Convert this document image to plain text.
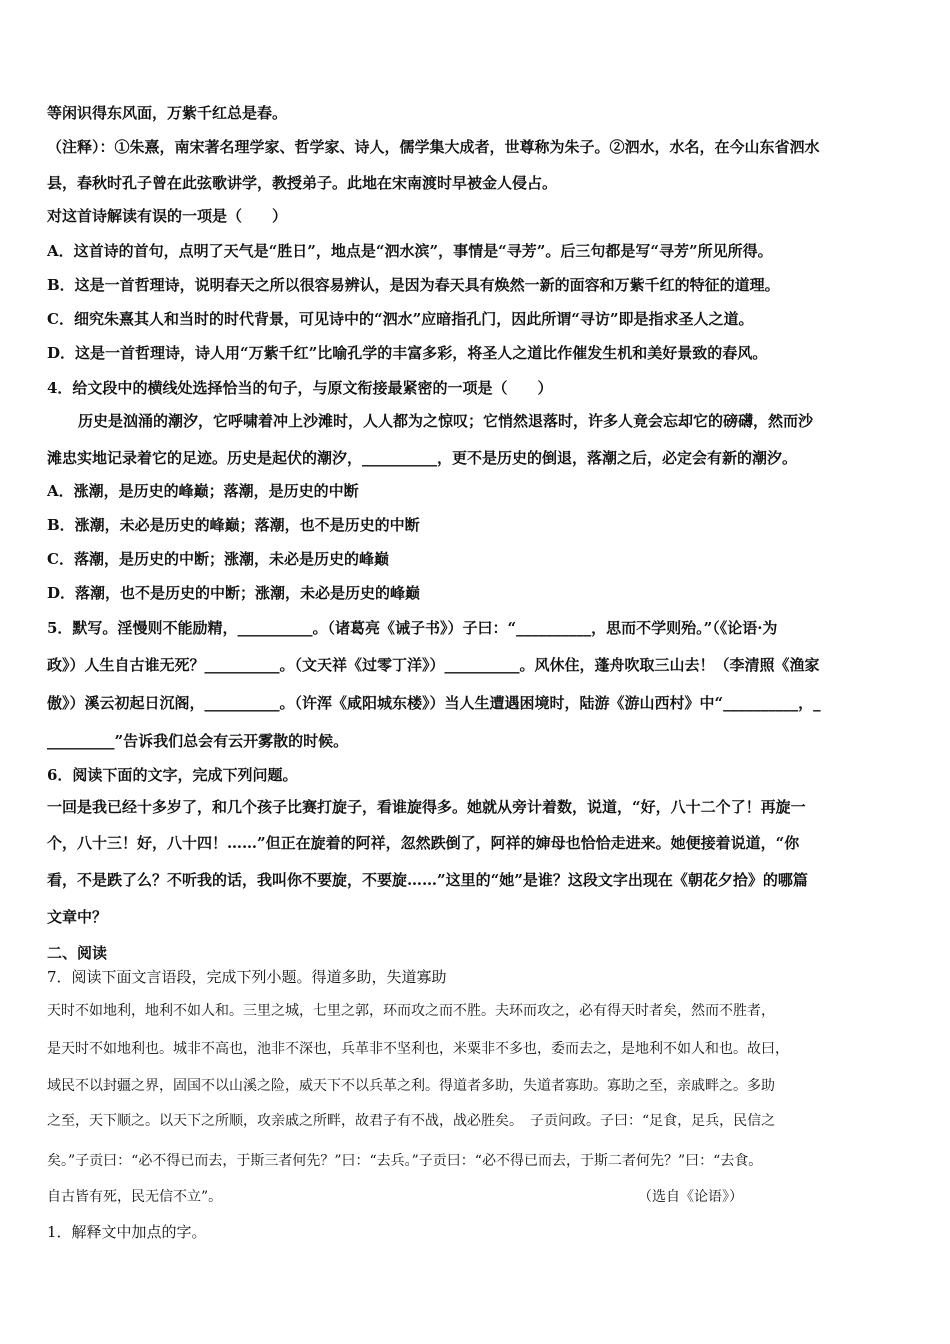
等闲识得东风面，万紫千红总是春。
（注释）：①朱熹，南宋著名理学家、哲学家、诗人，儒学集大成者，世尊称为朱子。②泗水，水名，在今山东省泗水
县，春秋时孔子曾在此弦歌讲学，教授弟子。此地在宋南渡时早被金人侵占。
对这首诗解读有误的一项是（　　）
A．这首诗的首句，点明了天气是“胜日”，地点是“泗水滨”，事情是“寻芳”。后三句都是写“寻芳”所见所得。
B．这是一首哲理诗，说明春天之所以很容易辨认，是因为春天具有焕然一新的面容和万紫千红的特征的道理。
C．细究朱熹其人和当时的时代背景，可见诗中的“泗水”应暗指孔门，因此所谓“寻访”即是指求圣人之道。
D．这是一首哲理诗，诗人用“万紫千红”比喻孔学的丰富多彩，将圣人之道比作催发生机和美好景致的春风。
4．给文段中的横线处选择恰当的句子，与原文衔接最紧密的一项是（　　）
历史是汹涌的潮汐，它呼啸着冲上沙滩时，人人都为之惊叹；它悄然退落时，许多人竟会忘却它的磅礴，然而沙
滩忠实地记录着它的足迹。历史是起伏的潮汐，__________，更不是历史的倒退，落潮之后，必定会有新的潮汐。
A．涨潮，是历史的峰巅；落潮，是历史的中断
B．涨潮，未必是历史的峰巅；落潮，也不是历史的中断
C．落潮，是历史的中断；涨潮，未必是历史的峰巅
D．落潮，也不是历史的中断；涨潮，未必是历史的峰巅
5．默写。淫慢则不能励精，__________。（诸葛亮《诫子书》）子曰：“__________，思而不学则殆。”（《论语·为
政》）人生自古谁无死？__________。（文天祥《过零丁洋》）__________。风休住，蓬舟吹取三山去！（李清照《渔家
傲》）溪云初起日沉阁，__________。（许浑《咸阳城东楼》）当人生遭遇困境时，陆游《游山西村》中“__________，_
_________”告诉我们总会有云开雾散的时候。
6．阅读下面的文字，完成下列问题。
一回是我已经十多岁了，和几个孩子比赛打旋子，看谁旋得多。她就从旁计着数，说道，“好，八十二个了！再旋一
个，八十三！好，八十四！……”但正在旋着的阿祥，忽然跌倒了，阿祥的婶母也恰恰走进来。她便接着说道，“你
看，不是跌了么？不听我的话，我叫你不要旋，不要旋……”这里的“她”是谁？这段文字出现在《朝花夕拾》的哪篇
文章中？
二、阅读
7．阅读下面文言语段，完成下列小题。得道多助，失道寡助
天时不如地利，地利不如人和。三里之城，七里之郭，环而攻之而不胜。夫环而攻之，必有得天时者矣，然而不胜者，
是天时不如地利也。城非不高也，池非不深也，兵革非不坚利也，米粟非不多也，委而去之，是地利不如人和也。故曰，
域民不以封疆之界，固国不以山溪之险，威天下不以兵革之利。得道者多助，失道者寡助。寡助之至，亲戚畔之。多助
之至，天下顺之。以天下之所顺，攻亲戚之所畔，故君子有不战，战必胜矣。　子贡问政。子曰：“足食，足兵，民信之
矣。”子贡曰：“必不得已而去，于斯三者何先？”曰：“去兵。”子贡曰：“必不得已而去，于斯二者何先？”曰：“去食。
自古皆有死，民无信不立”。	（选自《论语》）
1．解释文中加点的字。
